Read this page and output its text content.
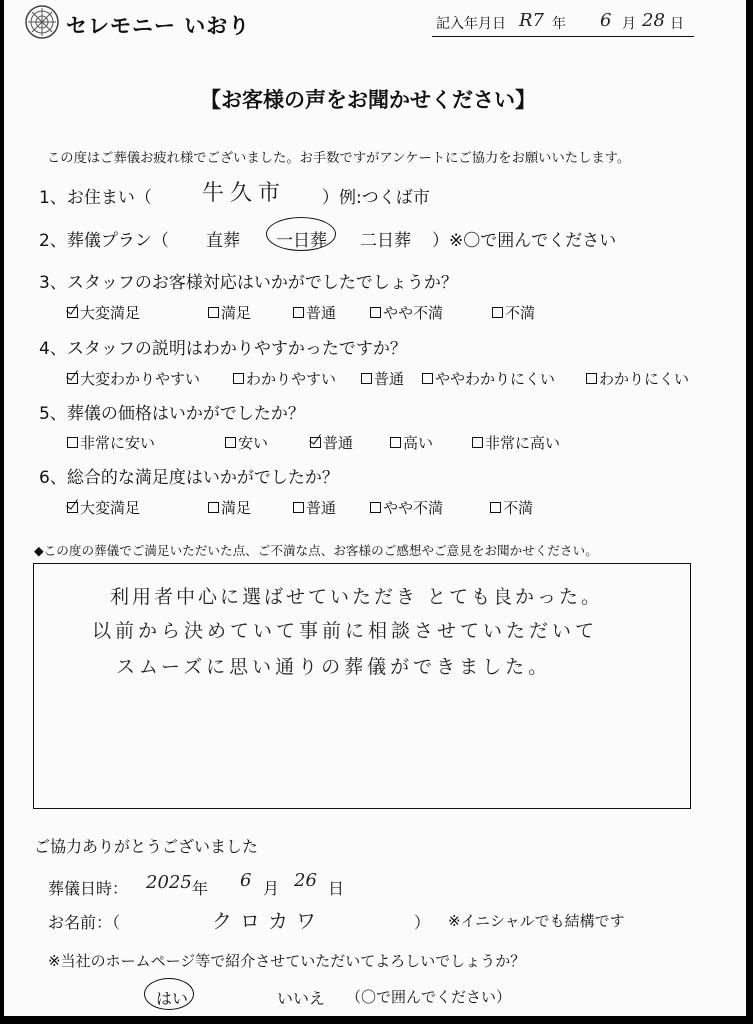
セレモニー いおり	記入年月日 R7 年 6 月 28 日
【お客様の声をお聞かせください】
この度はご葬儀お疲れ様でございました。お手数ですがアンケートにご協力をお願いいたします。
1、お住まい（ 牛久市 ）例:つくば市
2、葬儀プラン（ 直葬 一日葬 二日葬 ）※〇で囲んでください
3、スタッフのお客様対応はいかがでしたでしょうか？
大変満足	満足	普通	やや不満	不満
4、スタッフの説明はわかりやすかったですか？
大変わかりやすい	わかりやすい	普通	ややわかりにくい	わかりにくい
5、葬儀の価格はいかがでしたか？
非常に安い	安い	普通	高い	非常に高い
6、総合的な満足度はいかがでしたか？
大変満足	満足	普通	やや不満	不満
◆この度の葬儀でご満足いただいた点、ご不満な点、お客様のご感想やご意見をお聞かせください。
利用者中心に選ばせていただき とても良かった。
以前から決めていて事前に相談させていただいて
スムーズに思い通りの葬儀ができました。
ご協力ありがとうございました
葬儀日時： 2025 年 6 月 26 日
お名前：（	クロカワ	） ※イニシャルでも結構です
※当社のホームページ等で紹介させていただいてよろしいでしょうか？
はい	いいえ （〇で囲んでください）
